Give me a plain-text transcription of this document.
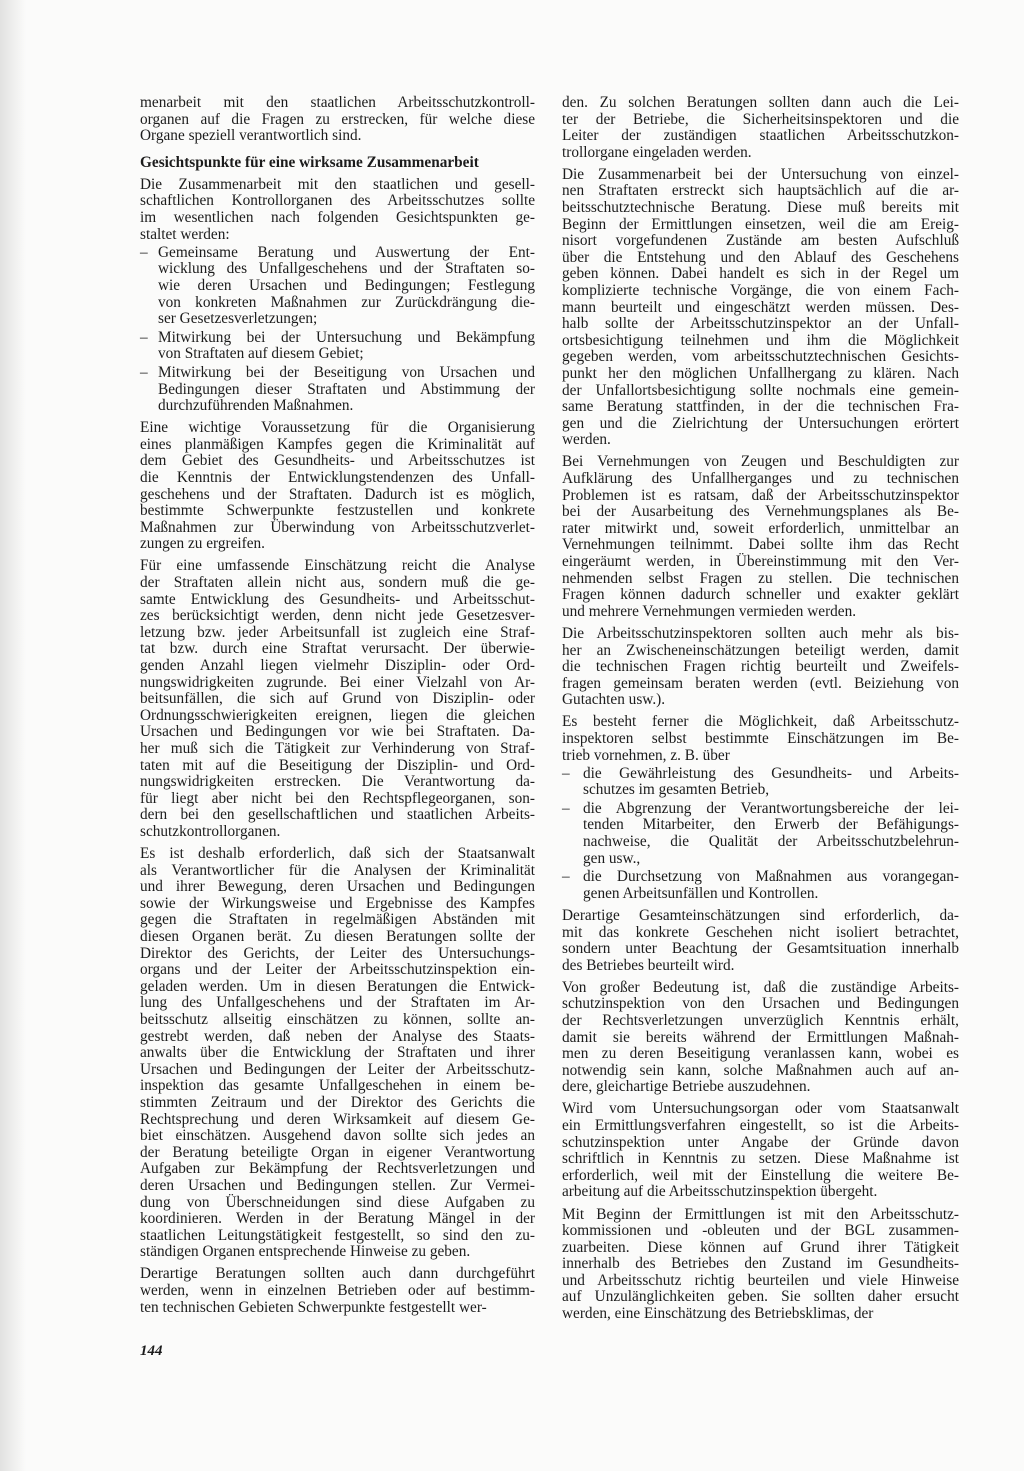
menarbeit mit den staatlichen Arbeitsschutzkontroll-
organen auf die Fragen zu erstrecken, für welche diese
Organe speziell verantwortlich sind.
Gesichtspunkte für eine wirksame Zusammenarbeit
Die Zusammenarbeit mit den staatlichen und gesell-
schaftlichen Kontrollorganen des Arbeitsschutzes sollte
im wesentlichen nach folgenden Gesichtspunkten ge-
staltet werden:
– Gemeinsame Beratung und Auswertung der Ent-
wicklung des Unfallgeschehens und der Straftaten so-
wie deren Ursachen und Bedingungen; Festlegung
von konkreten Maßnahmen zur Zurückdrängung die-
ser Gesetzesverletzungen;
– Mitwirkung bei der Untersuchung und Bekämpfung
von Straftaten auf diesem Gebiet;
– Mitwirkung bei der Beseitigung von Ursachen und
Bedingungen dieser Straftaten und Abstimmung der
durchzuführenden Maßnahmen.
Eine wichtige Voraussetzung für die Organisierung
eines planmäßigen Kampfes gegen die Kriminalität auf
dem Gebiet des Gesundheits- und Arbeitsschutzes ist
die Kenntnis der Entwicklungstendenzen des Unfall-
geschehens und der Straftaten. Dadurch ist es möglich,
bestimmte Schwerpunkte festzustellen und konkrete
Maßnahmen zur Überwindung von Arbeitsschutzverlet-
zungen zu ergreifen.
Für eine umfassende Einschätzung reicht die Analyse
der Straftaten allein nicht aus, sondern muß die ge-
samte Entwicklung des Gesundheits- und Arbeitsschut-
zes berücksichtigt werden, denn nicht jede Gesetzesver-
letzung bzw. jeder Arbeitsunfall ist zugleich eine Straf-
tat bzw. durch eine Straftat verursacht. Der überwie-
genden Anzahl liegen vielmehr Disziplin- oder Ord-
nungswidrigkeiten zugrunde. Bei einer Vielzahl von Ar-
beitsunfällen, die sich auf Grund von Disziplin- oder
Ordnungsschwierigkeiten ereignen, liegen die gleichen
Ursachen und Bedingungen vor wie bei Straftaten. Da-
her muß sich die Tätigkeit zur Verhinderung von Straf-
taten mit auf die Beseitigung der Disziplin- und Ord-
nungswidrigkeiten erstrecken. Die Verantwortung da-
für liegt aber nicht bei den Rechtspflegeorganen, son-
dern bei den gesellschaftlichen und staatlichen Arbeits-
schutzkontrollorganen.
Es ist deshalb erforderlich, daß sich der Staatsanwalt
als Verantwortlicher für die Analysen der Kriminalität
und ihrer Bewegung, deren Ursachen und Bedingungen
sowie der Wirkungsweise und Ergebnisse des Kampfes
gegen die Straftaten in regelmäßigen Abständen mit
diesen Organen berät. Zu diesen Beratungen sollte der
Direktor des Gerichts, der Leiter des Untersuchungs-
organs und der Leiter der Arbeitsschutzinspektion ein-
geladen werden. Um in diesen Beratungen die Entwick-
lung des Unfallgeschehens und der Straftaten im Ar-
beitsschutz allseitig einschätzen zu können, sollte an-
gestrebt werden, daß neben der Analyse des Staats-
anwalts über die Entwicklung der Straftaten und ihrer
Ursachen und Bedingungen der Leiter der Arbeitsschutz-
inspektion das gesamte Unfallgeschehen in einem be-
stimmten Zeitraum und der Direktor des Gerichts die
Rechtsprechung und deren Wirksamkeit auf diesem Ge-
biet einschätzen. Ausgehend davon sollte sich jedes an
der Beratung beteiligte Organ in eigener Verantwortung
Aufgaben zur Bekämpfung der Rechtsverletzungen und
deren Ursachen und Bedingungen stellen. Zur Vermei-
dung von Überschneidungen sind diese Aufgaben zu
koordinieren. Werden in der Beratung Mängel in der
staatlichen Leitungstätigkeit festgestellt, so sind den zu-
ständigen Organen entsprechende Hinweise zu geben.
Derartige Beratungen sollten auch dann durchgeführt
werden, wenn in einzelnen Betrieben oder auf bestimm-
ten technischen Gebieten Schwerpunkte festgestellt wer-
den. Zu solchen Beratungen sollten dann auch die Lei-
ter der Betriebe, die Sicherheitsinspektoren und die
Leiter der zuständigen staatlichen Arbeitsschutzkon-
trollorgane eingeladen werden.
Die Zusammenarbeit bei der Untersuchung von einzel-
nen Straftaten erstreckt sich hauptsächlich auf die ar-
beitsschutztechnische Beratung. Diese muß bereits mit
Beginn der Ermittlungen einsetzen, weil die am Ereig-
nisort vorgefundenen Zustände am besten Aufschluß
über die Entstehung und den Ablauf des Geschehens
geben können. Dabei handelt es sich in der Regel um
komplizierte technische Vorgänge, die von einem Fach-
mann beurteilt und eingeschätzt werden müssen. Des-
halb sollte der Arbeitsschutzinspektor an der Unfall-
ortsbesichtigung teilnehmen und ihm die Möglichkeit
gegeben werden, vom arbeitsschutztechnischen Gesichts-
punkt her den möglichen Unfallhergang zu klären. Nach
der Unfallortsbesichtigung sollte nochmals eine gemein-
same Beratung stattfinden, in der die technischen Fra-
gen und die Zielrichtung der Untersuchungen erörtert
werden.
Bei Vernehmungen von Zeugen und Beschuldigten zur
Aufklärung des Unfallherganges und zu technischen
Problemen ist es ratsam, daß der Arbeitsschutzinspektor
bei der Ausarbeitung des Vernehmungsplanes als Be-
rater mitwirkt und, soweit erforderlich, unmittelbar an
Vernehmungen teilnimmt. Dabei sollte ihm das Recht
eingeräumt werden, in Übereinstimmung mit den Ver-
nehmenden selbst Fragen zu stellen. Die technischen
Fragen können dadurch schneller und exakter geklärt
und mehrere Vernehmungen vermieden werden.
Die Arbeitsschutzinspektoren sollten auch mehr als bis-
her an Zwischeneinschätzungen beteiligt werden, damit
die technischen Fragen richtig beurteilt und Zweifels-
fragen gemeinsam beraten werden (evtl. Beiziehung von
Gutachten usw.).
Es besteht ferner die Möglichkeit, daß Arbeitsschutz-
inspektoren selbst bestimmte Einschätzungen im Be-
trieb vornehmen, z. B. über
– die Gewährleistung des Gesundheits- und Arbeits-
schutzes im gesamten Betrieb,
– die Abgrenzung der Verantwortungsbereiche der lei-
tenden Mitarbeiter, den Erwerb der Befähigungs-
nachweise, die Qualität der Arbeitsschutzbelehrun-
gen usw.,
– die Durchsetzung von Maßnahmen aus vorangegan-
genen Arbeitsunfällen und Kontrollen.
Derartige Gesamteinschätzungen sind erforderlich, da-
mit das konkrete Geschehen nicht isoliert betrachtet,
sondern unter Beachtung der Gesamtsituation innerhalb
des Betriebes beurteilt wird.
Von großer Bedeutung ist, daß die zuständige Arbeits-
schutzinspektion von den Ursachen und Bedingungen
der Rechtsverletzungen unverzüglich Kenntnis erhält,
damit sie bereits während der Ermittlungen Maßnah-
men zu deren Beseitigung veranlassen kann, wobei es
notwendig sein kann, solche Maßnahmen auch auf an-
dere, gleichartige Betriebe auszudehnen.
Wird vom Untersuchungsorgan oder vom Staatsanwalt
ein Ermittlungsverfahren eingestellt, so ist die Arbeits-
schutzinspektion unter Angabe der Gründe davon
schriftlich in Kenntnis zu setzen. Diese Maßnahme ist
erforderlich, weil mit der Einstellung die weitere Be-
arbeitung auf die Arbeitsschutzinspektion übergeht.
Mit Beginn der Ermittlungen ist mit den Arbeitsschutz-
kommissionen und -obleuten und der BGL zusammen-
zuarbeiten. Diese können auf Grund ihrer Tätigkeit
innerhalb des Betriebes den Zustand im Gesundheits-
und Arbeitsschutz richtig beurteilen und viele Hinweise
auf Unzulänglichkeiten geben. Sie sollten daher ersucht
werden, eine Einschätzung des Betriebsklimas, der
144
